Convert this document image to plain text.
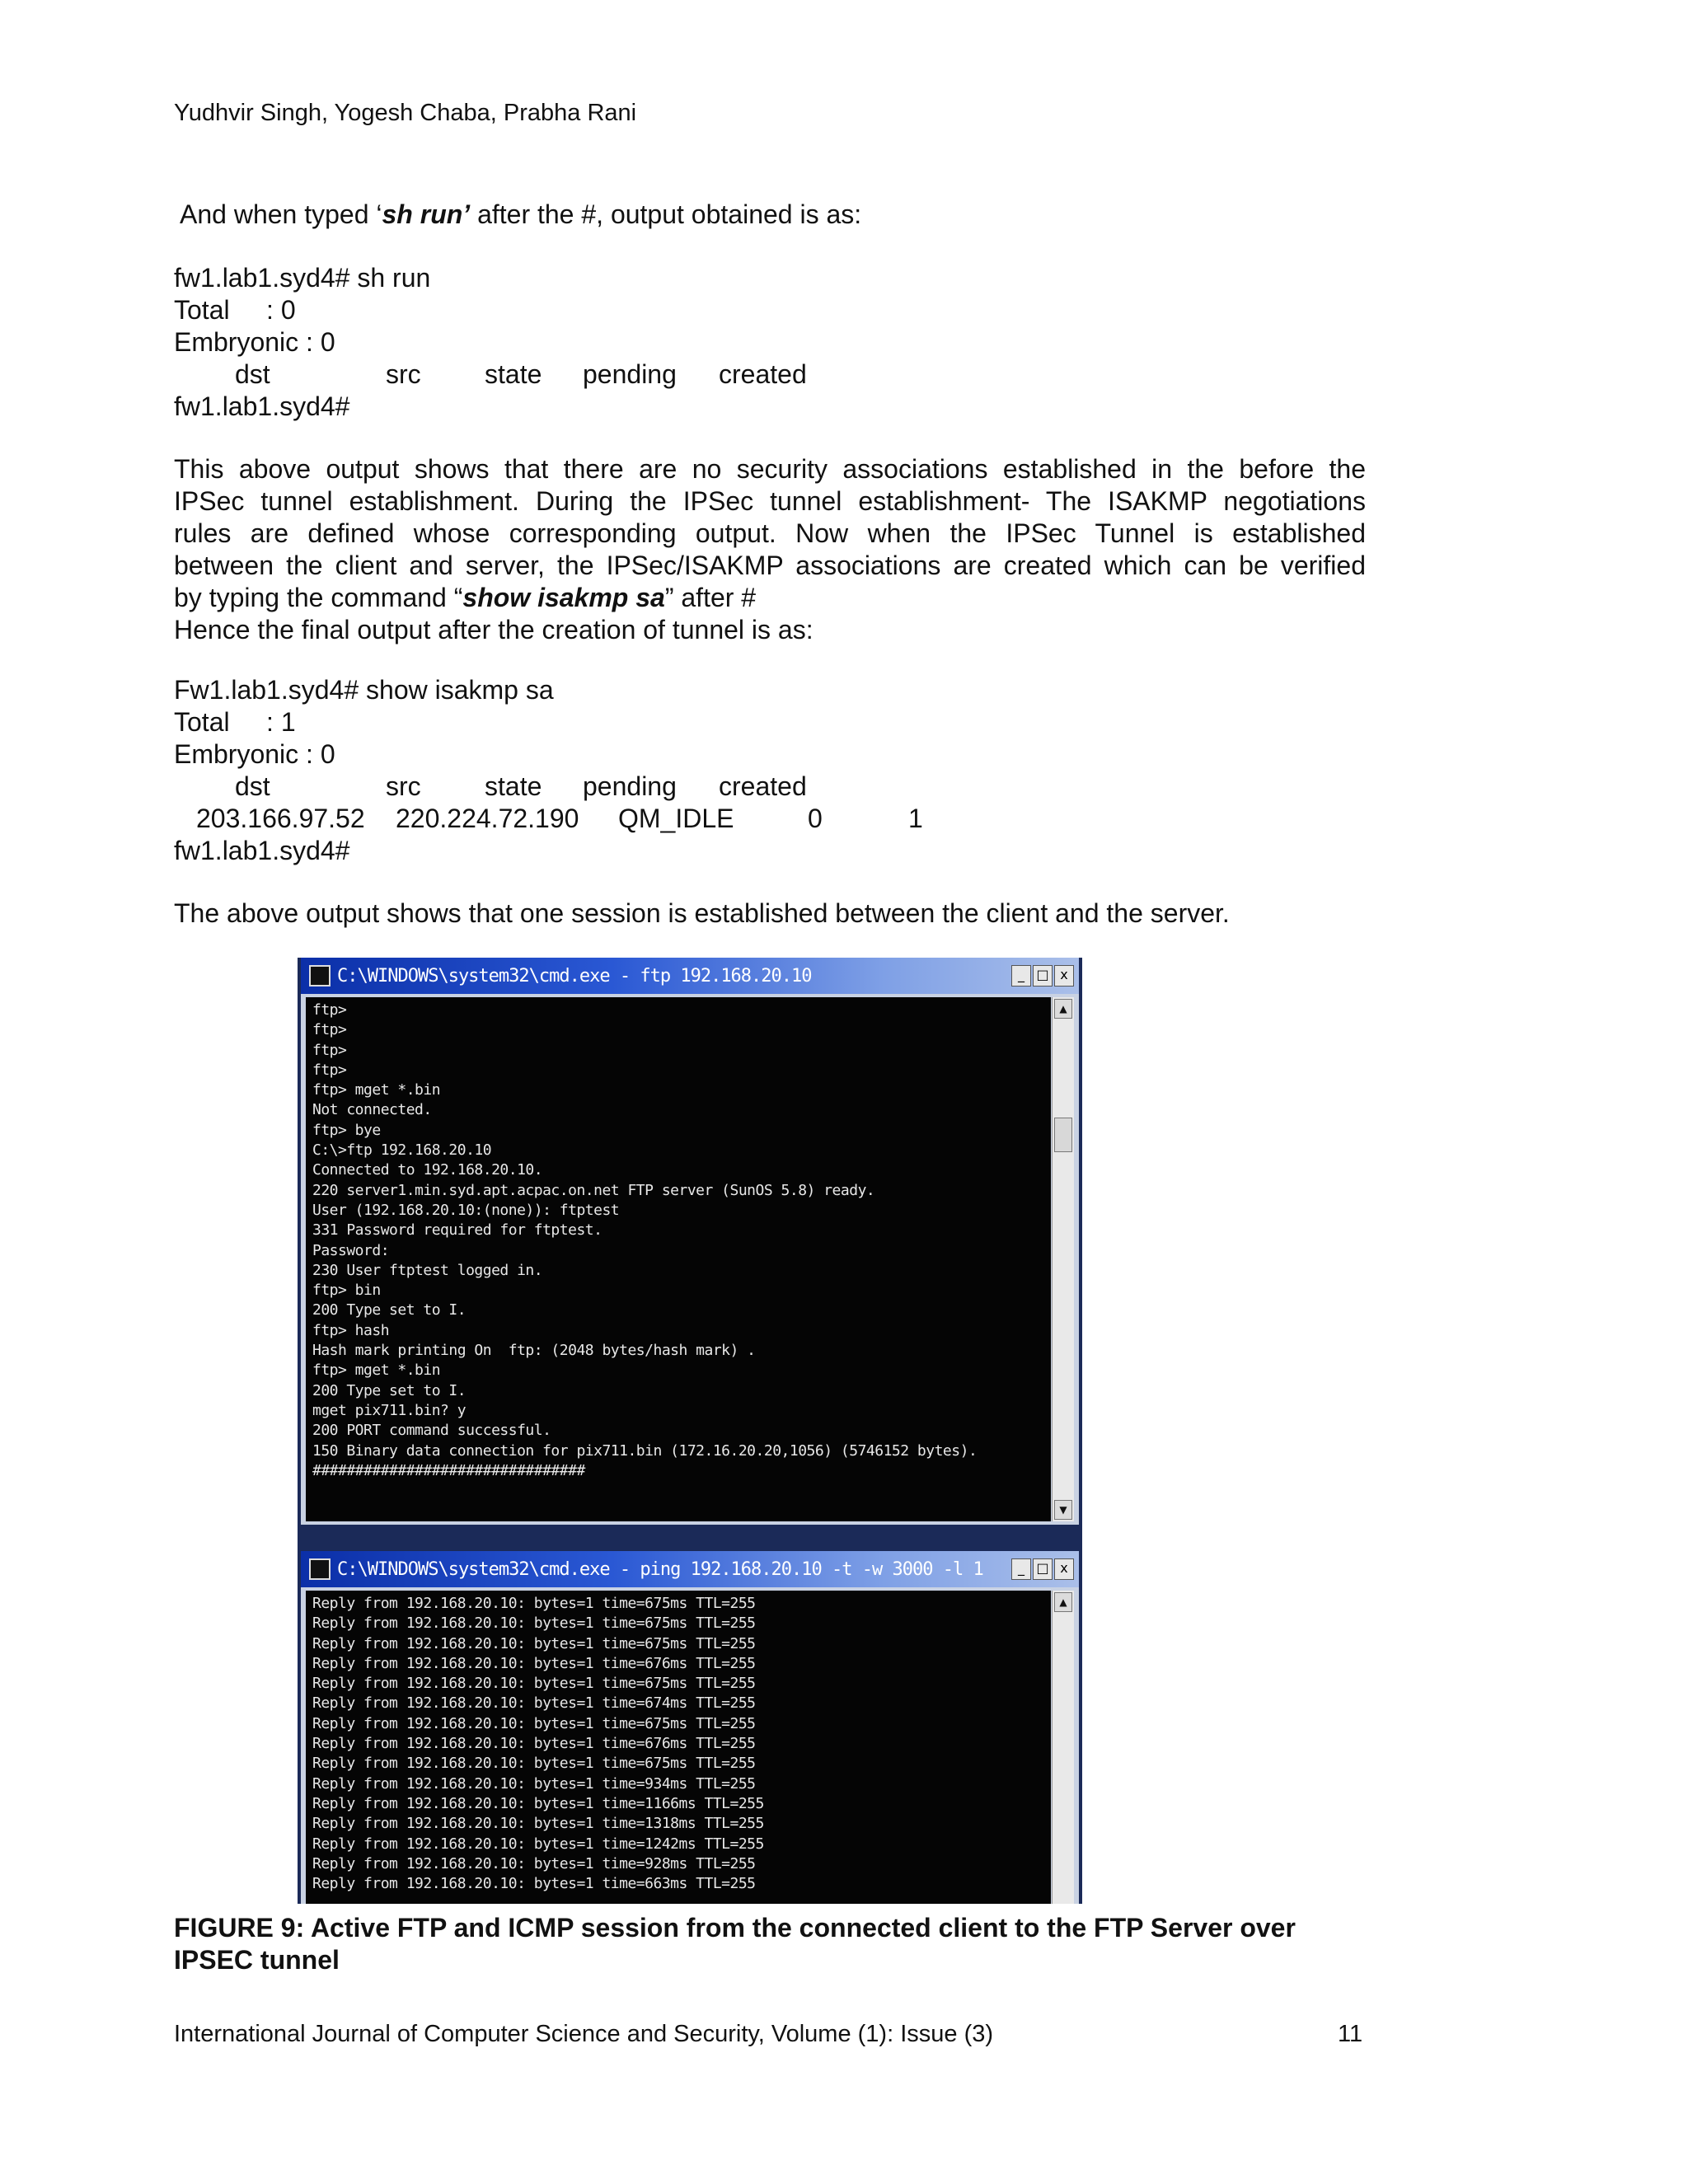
Yudhvir Singh, Yogesh Chaba, Prabha Rani
And when typed ‘sh run’ after the #, output obtained is as:
fw1.lab1.syd4# sh run
Total     : 0
Embryonic : 0
dst	src state pending created
fw1.lab1.syd4#
This above output shows that there are no security associations established in the before the
IPSec tunnel establishment. During the IPSec tunnel establishment- The ISAKMP negotiations
rules are defined whose corresponding output. Now when the IPSec Tunnel is established
between the client and server, the IPSec/ISAKMP associations are created which can be verified
by typing the command “show isakmp sa” after #
Hence the final output after the creation of tunnel is as:
Fw1.lab1.syd4# show isakmp sa
Total     : 1
Embryonic : 0
dst	src state pending created
203.166.97.52 220.224.72.190 QM_IDLE	0	1
fw1.lab1.syd4#
The above output shows that one session is established between the client and the server.
C:\WINDOWS\system32\cmd.exe - ftp 192.168.20.10	_ □ x
ftp>
ftp>
ftp>
ftp>
ftp> mget *.bin
Not connected.
ftp> bye
C:\>ftp 192.168.20.10
Connected to 192.168.20.10.
220 server1.min.syd.apt.acpac.on.net FTP server (SunOS 5.8) ready.
User (192.168.20.10:(none)): ftptest
331 Password required for ftptest.
Password:
230 User ftptest logged in.
ftp> bin
200 Type set to I.
ftp> hash
Hash mark printing On  ftp: (2048 bytes/hash mark) .
ftp> mget *.bin
200 Type set to I.
mget pix711.bin? y
200 PORT command successful.
150 Binary data connection for pix711.bin (172.16.20.20,1056) (5746152 bytes).
################################
▲
▼
C:\WINDOWS\system32\cmd.exe - ping 192.168.20.10 -t -w 3000 -l 1	_ □ x
Reply from 192.168.20.10: bytes=1 time=675ms TTL=255
Reply from 192.168.20.10: bytes=1 time=675ms TTL=255
Reply from 192.168.20.10: bytes=1 time=675ms TTL=255
Reply from 192.168.20.10: bytes=1 time=676ms TTL=255
Reply from 192.168.20.10: bytes=1 time=675ms TTL=255
Reply from 192.168.20.10: bytes=1 time=674ms TTL=255
Reply from 192.168.20.10: bytes=1 time=675ms TTL=255
Reply from 192.168.20.10: bytes=1 time=676ms TTL=255
Reply from 192.168.20.10: bytes=1 time=675ms TTL=255
Reply from 192.168.20.10: bytes=1 time=934ms TTL=255
Reply from 192.168.20.10: bytes=1 time=1166ms TTL=255
Reply from 192.168.20.10: bytes=1 time=1318ms TTL=255
Reply from 192.168.20.10: bytes=1 time=1242ms TTL=255
Reply from 192.168.20.10: bytes=1 time=928ms TTL=255
Reply from 192.168.20.10: bytes=1 time=663ms TTL=255
▲
FIGURE 9: Active FTP and ICMP session from the connected client to the FTP Server over IPSEC tunnel
International Journal of Computer Science and Security, Volume (1): Issue (3)	11
